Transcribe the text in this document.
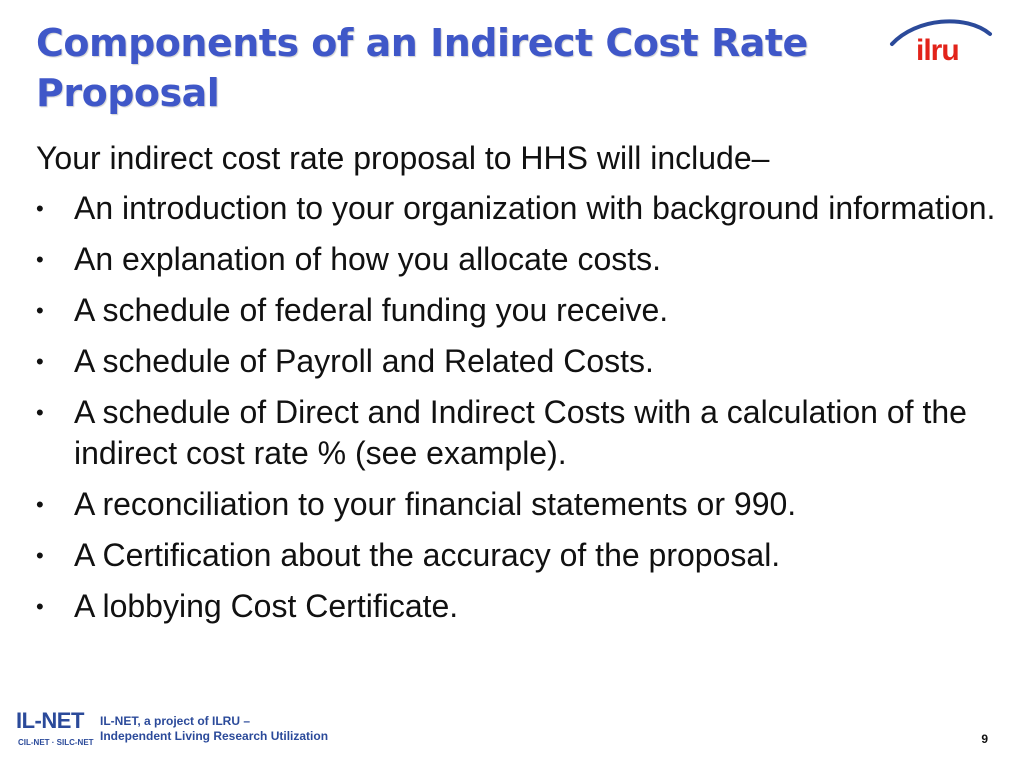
Components of an Indirect Cost Rate Proposal
ilru

Your indirect cost rate proposal to HHS will include–

• An introduction to your organization with background information.
• An explanation of how you allocate costs.
• A schedule of federal funding you receive.
• A schedule of Payroll and Related Costs.
• A schedule of Direct and Indirect Costs with a calculation of the indirect cost rate % (see example).
• A reconciliation to your financial statements or 990.
• A Certification about the accuracy of the proposal.
• A lobbying Cost Certificate.
IL-NET
CIL-NET · SILC-NET
IL-NET, a project of ILRU –
Independent Living Research Utilization	9
